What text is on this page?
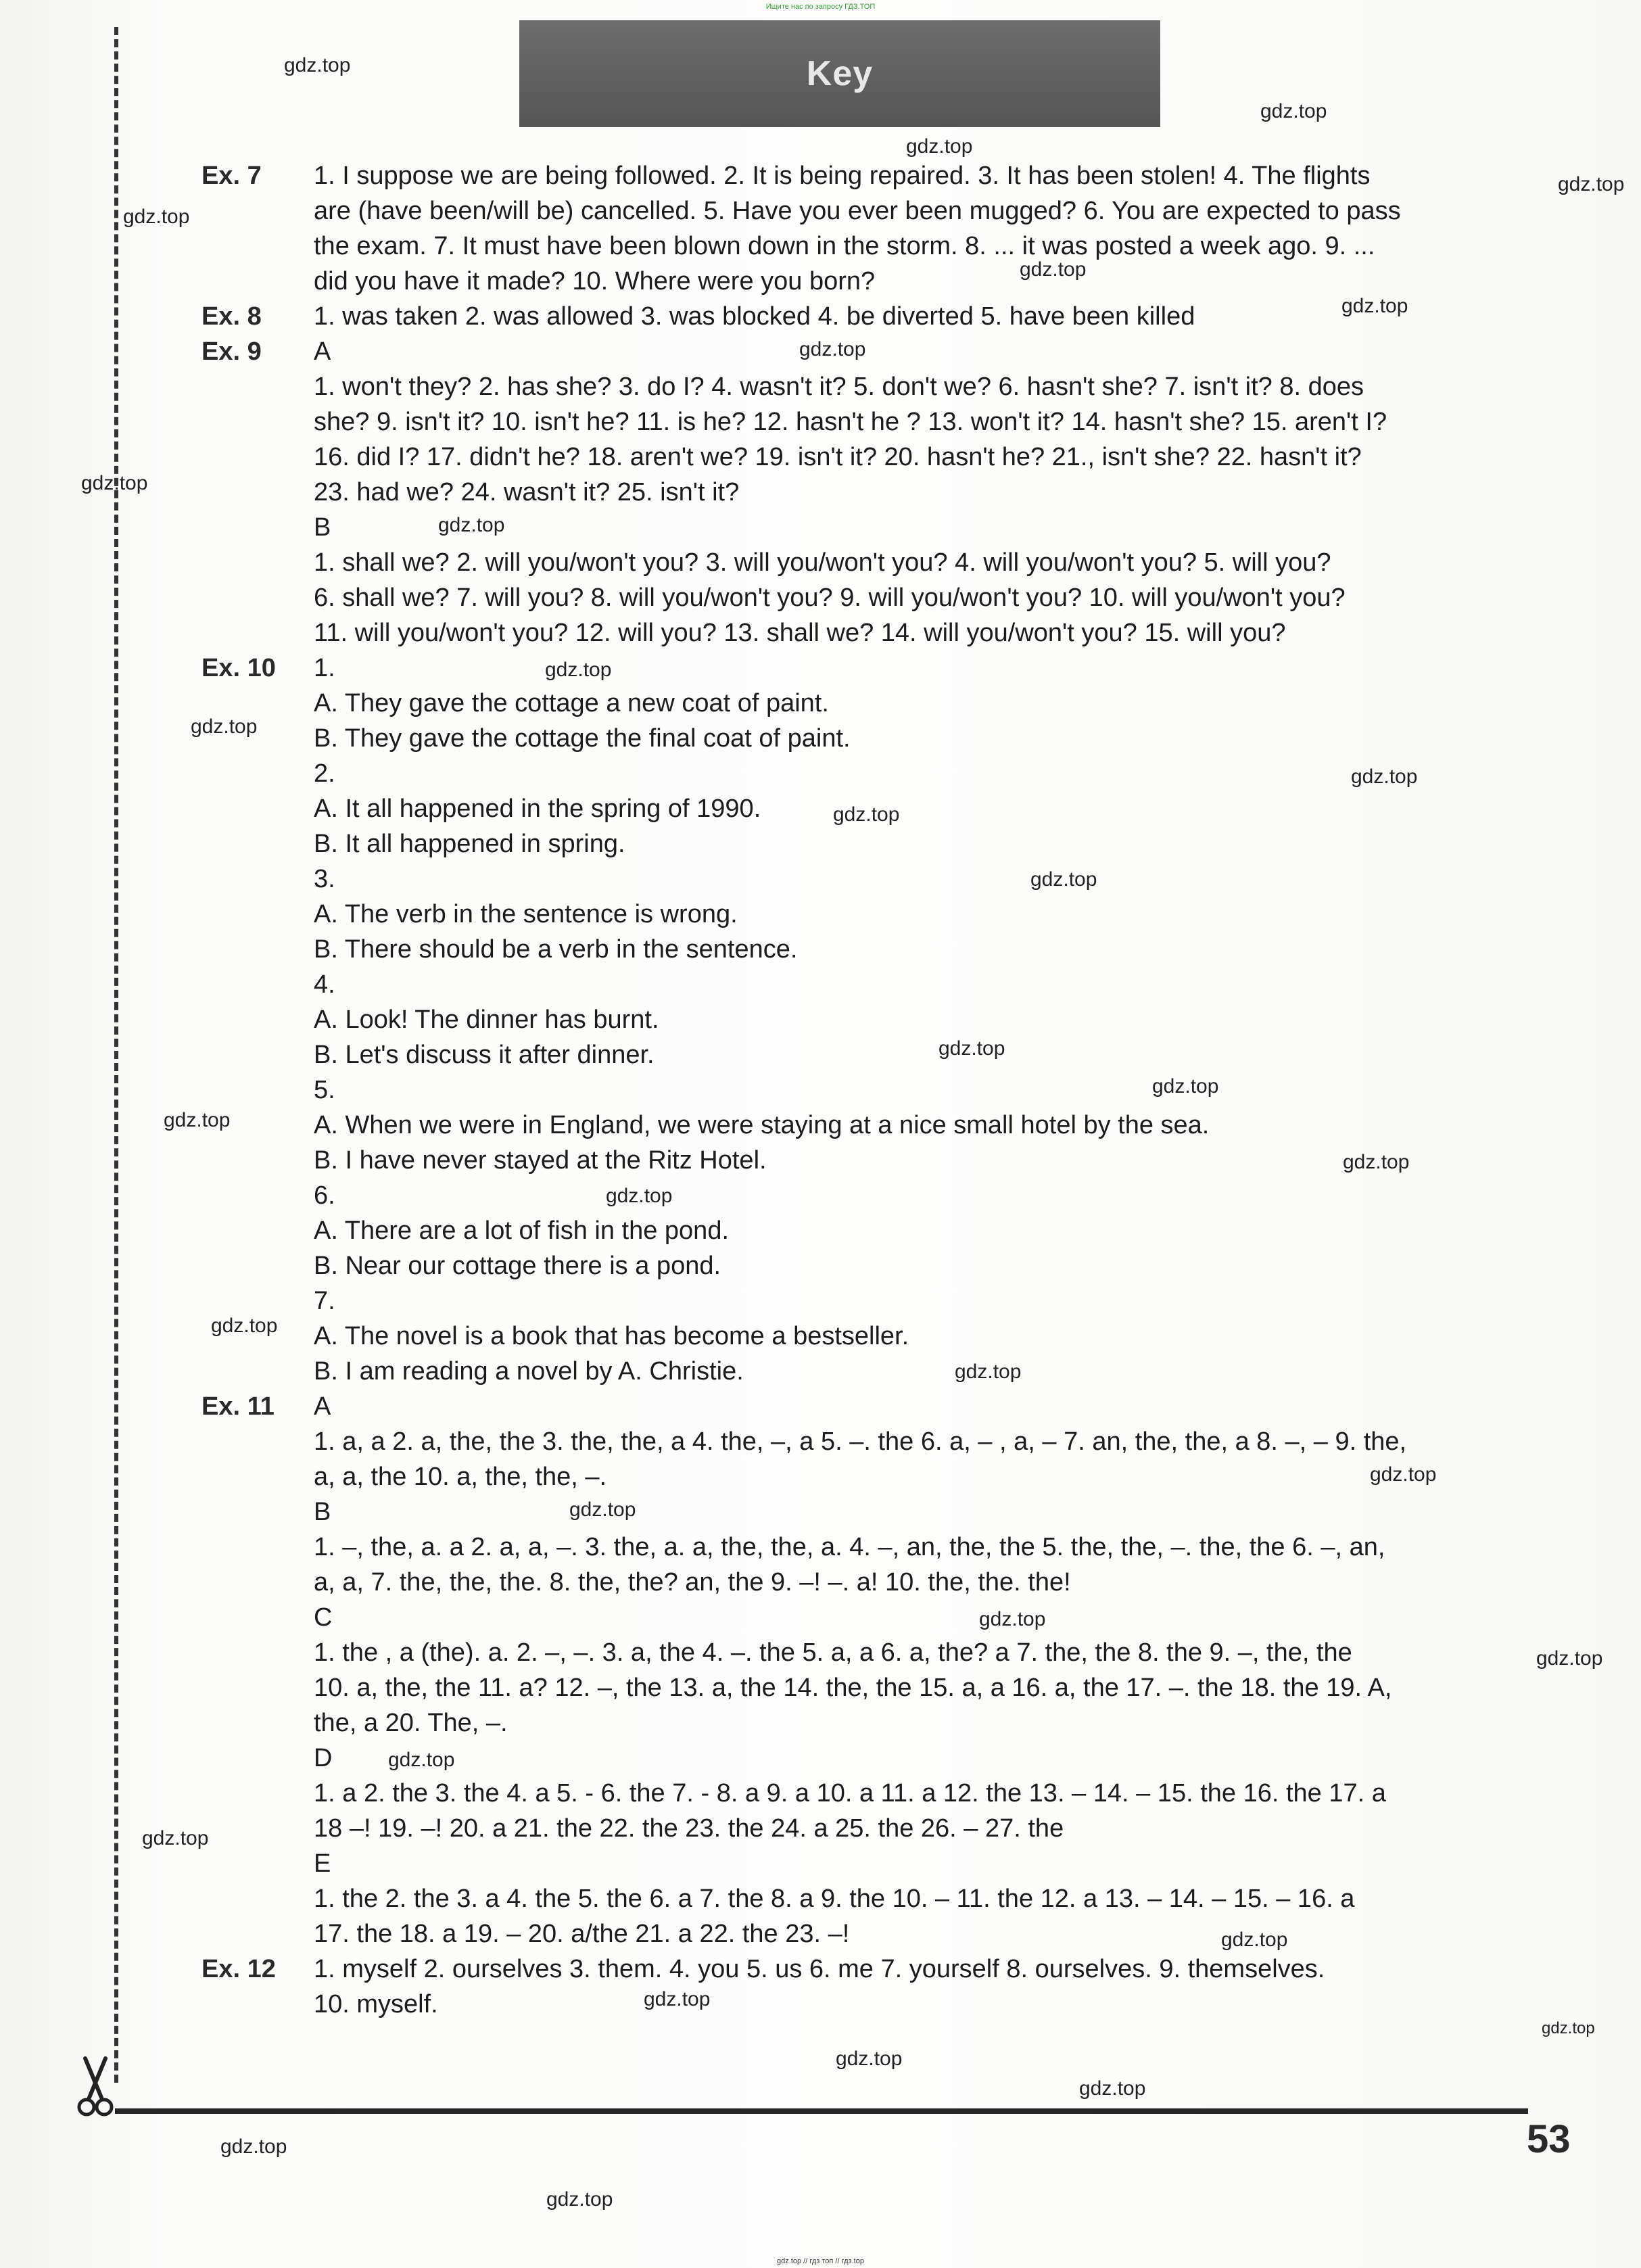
Ищите нас по запросу ГДЗ.ТОП
Key
Ex. 7	1. I suppose we are being followed. 2. It is being repaired. 3. It has been stolen! 4. The flights
are (have been/will be) cancelled. 5. Have you ever been mugged? 6. You are expected to pass
the exam. 7. It must have been blown down in the storm. 8. ... it was posted a week ago. 9. ...
did you have it made? 10. Where were you born?
Ex. 8	1. was taken 2. was allowed 3. was blocked 4. be diverted 5. have been killed
Ex. 9	A
1. won't they? 2. has she? 3. do I? 4. wasn't it? 5. don't we? 6. hasn't she? 7. isn't it? 8. does
she? 9. isn't it? 10. isn't he? 11. is he? 12. hasn't he ? 13. won't it? 14. hasn't she? 15. aren't I?
16. did I? 17. didn't he? 18. aren't we? 19. isn't it? 20. hasn't he? 21., isn't she? 22. hasn't it?
23. had we? 24. wasn't it? 25. isn't it?
B
1. shall we? 2. will you/won't you? 3. will you/won't you? 4. will you/won't you? 5. will you?
6. shall we? 7. will you? 8. will you/won't you? 9. will you/won't you? 10. will you/won't you?
11. will you/won't you? 12. will you? 13. shall we? 14. will you/won't you? 15. will you?
Ex. 10	1.
A. They gave the cottage a new coat of paint.
B. They gave the cottage the final coat of paint.
2.
A. It all happened in the spring of 1990.
B. It all happened in spring.
3.
A. The verb in the sentence is wrong.
B. There should be a verb in the sentence.
4.
A. Look! The dinner has burnt.
B. Let's discuss it after dinner.
5.
A. When we were in England, we were staying at a nice small hotel by the sea.
B. I have never stayed at the Ritz Hotel.
6.
A. There are a lot of fish in the pond.
B. Near our cottage there is a pond.
7.
A. The novel is a book that has become a bestseller.
B. I am reading a novel by A. Christie.
Ex. 11	A
1. a, a 2. a, the, the 3. the, the, a 4. the, –, a 5. –. the 6. a, – , a, – 7. an, the, the, a 8. –, – 9. the,
a, a, the 10. a, the, the, –.
B
1. –, the, a. a 2. a, a, –. 3. the, a. a, the, the, a. 4. –, an, the, the 5. the, the, –. the, the 6. –, an,
a, a, 7. the, the, the. 8. the, the? an, the 9. –! –. a! 10. the, the. the!
C
1. the , a (the). a. 2. –, –. 3. a, the 4. –. the 5. a, a 6. a, the? a 7. the, the 8. the 9. –, the, the
10. a, the, the 11. a? 12. –, the 13. a, the 14. the, the 15. a, a 16. a, the 17. –. the 18. the 19. A,
the, a 20. The, –.
D
1. a 2. the 3. the 4. a 5. - 6. the 7. - 8. a 9. a 10. a 11. a 12. the 13. – 14. – 15. the 16. the 17. a
18 –! 19. –! 20. a 21. the 22. the 23. the 24. a 25. the 26. – 27. the
E
1. the 2. the 3. a 4. the 5. the 6. a 7. the 8. a 9. the 10. – 11. the 12. a 13. – 14. – 15. – 16. a
17. the 18. a 19. – 20. a/the 21. a 22. the 23. –!
Ex. 12	1. myself 2. ourselves 3. them. 4. you 5. us 6. me 7. yourself 8. ourselves. 9. themselves.
10. myself.
53
gdz.top
gdz.top
gdz.top
gdz.top
gdz.top
gdz.top
gdz.top
gdz.top
gdz.top
gdz.top
gdz.top
gdz.top
gdz.top
gdz.top
gdz.top
gdz.top
gdz.top
gdz.top
gdz.top
gdz.top
gdz.top
gdz.top
gdz.top
gdz.top
gdz.top
gdz.top
gdz.top
gdz.top
gdz.top
gdz.top
gdz.top
gdz.top
gdz.top
gdz.top
gdz.top
gdz.top // гдз топ // гдз.top
